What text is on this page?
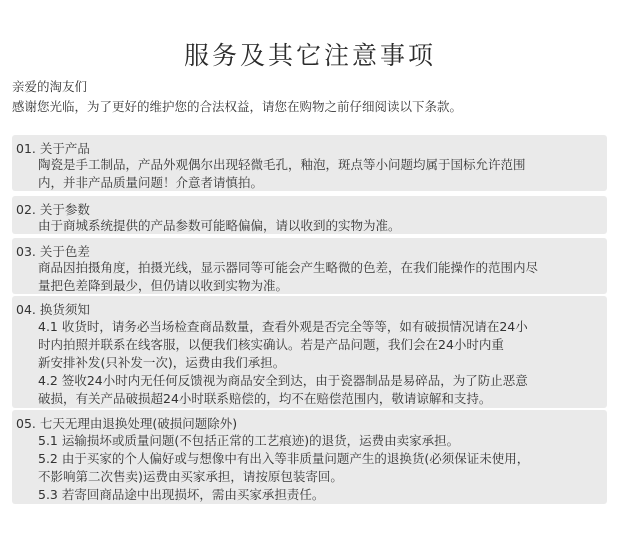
服务及其它注意事项
亲爱的淘友们
感谢您光临，为了更好的维护您的合法权益，请您在购物之前仔细阅读以下条款。
01. 关于产品
陶瓷是手工制品，产品外观偶尔出现轻微毛孔，釉泡，斑点等小问题均属于国标允许范围
内，并非产品质量问题！介意者请慎拍。
02. 关于参数
由于商城系统提供的产品参数可能略偏偏，请以收到的实物为准。
03. 关于色差
商品因拍摄角度，拍摄光线，显示器同等可能会产生略微的色差，在我们能操作的范围内尽
量把色差降到最少，但仍请以收到实物为准。
04. 换货须知
4.1 收货时，请务必当场检查商品数量，查看外观是否完全等等，如有破损情况请在24小
时内拍照并联系在线客服，以便我们核实确认。若是产品问题，我们会在24小时内重
新安排补发(只补发一次)，运费由我们承担。
4.2 签收24小时内无任何反馈视为商品安全到达，由于瓷器制品是易碎品，为了防止恶意
破损，有关产品破损超24小时联系赔偿的，均不在赔偿范围内，敬请谅解和支持。
05. 七天无理由退换处理(破损问题除外)
5.1 运输损坏或质量问题(不包括正常的工艺痕迹)的退货，运费由卖家承担。
5.2 由于买家的个人偏好或与想像中有出入等非质量问题产生的退换货(必须保证未使用，
不影响第二次售卖)运费由买家承担，请按原包装寄回。
5.3 若寄回商品途中出现损坏，需由买家承担责任。
